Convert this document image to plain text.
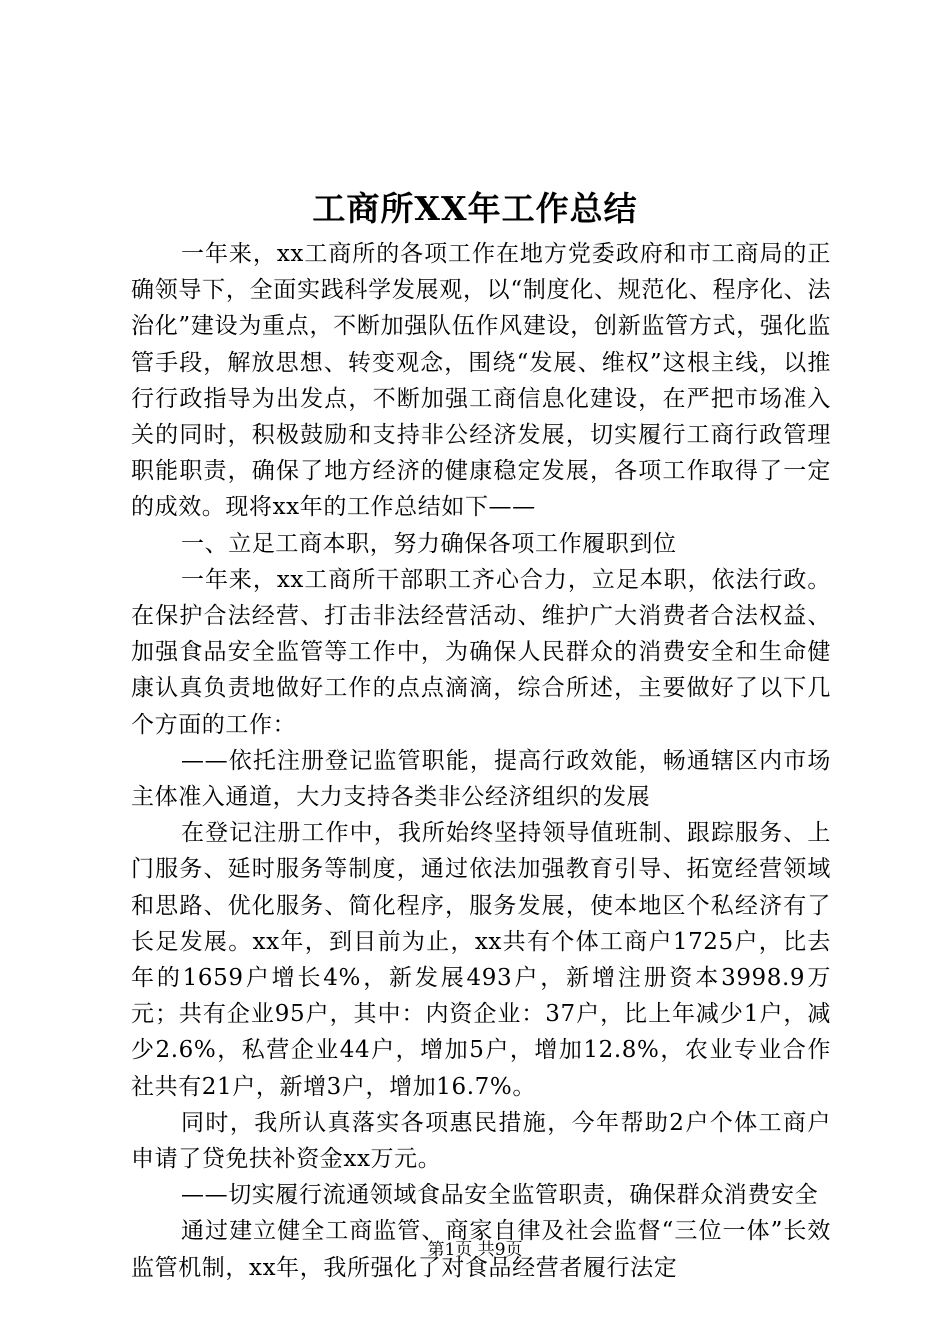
工商所XX年工作总结

一年来，xx工商所的各项工作在地方党委政府和市工商局的正确领导下，全面实践科学发展观，以“制度化、规范化、程序化、法治化”建设为重点，不断加强队伍作风建设，创新监管方式，强化监管手段，解放思想、转变观念，围绕“发展、维权”这根主线，以推行行政指导为出发点，不断加强工商信息化建设，在严把市场准入关的同时，积极鼓励和支持非公经济发展，切实履行工商行政管理职能职责，确保了地方经济的健康稳定发展，各项工作取得了一定的成效。现将xx年的工作总结如下——

一、立足工商本职，努力确保各项工作履职到位

一年来，xx工商所干部职工齐心合力，立足本职，依法行政。在保护合法经营、打击非法经营活动、维护广大消费者合法权益、加强食品安全监管等工作中，为确保人民群众的消费安全和生命健康认真负责地做好工作的点点滴滴，综合所述，主要做好了以下几个方面的工作：

——依托注册登记监管职能，提高行政效能，畅通辖区内市场主体准入通道，大力支持各类非公经济组织的发展

在登记注册工作中，我所始终坚持领导值班制、跟踪服务、上门服务、延时服务等制度，通过依法加强教育引导、拓宽经营领域和思路、优化服务、简化程序，服务发展，使本地区个私经济有了长足发展。xx年，到目前为止，xx共有个体工商户1725户，比去年的1659户增长4%，新发展493户，新增注册资本3998.9万元；共有企业95户，其中：内资企业：37户，比上年减少1户，减少2.6%，私营企业44户，增加5户，增加12.8%，农业专业合作社共有21户，新增3户，增加16.7%。

同时，我所认真落实各项惠民措施，今年帮助2户个体工商户申请了贷免扶补资金xx万元。

——切实履行流通领域食品安全监管职责，确保群众消费安全

通过建立健全工商监管、商家自律及社会监督“三位一体”长效监管机制，xx年，我所强化了对食品经营者履行法定

第1页 共9页
